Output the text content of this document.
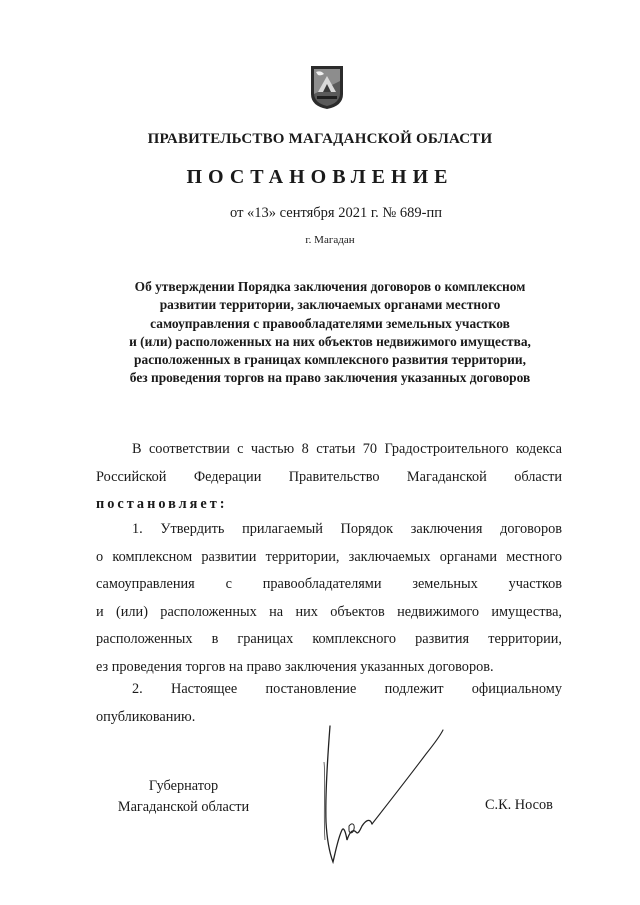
ПРАВИТЕЛЬСТВО МАГАДАНСКОЙ ОБЛАСТИ
ПОСТАНОВЛЕНИЕ
от «13» сентября 2021 г. № 689-пп
г. Магадан
Об утверждении Порядка заключения договоров о комплексном
развитии территории, заключаемых органами местного
самоуправления с правообладателями земельных участков
и (или) расположенных на них объектов недвижимого имущества,
расположенных в границах комплексного развития территории,
без проведения торгов на право заключения указанных договоров
В соответствии с частью 8 статьи 70 Градостроительного кодекса
Российской Федерации Правительство Магаданской области
постановляет:
1. Утвердить прилагаемый Порядок заключения договоров
о комплексном развитии территории, заключаемых органами местного
самоуправления с правообладателями земельных участков
и (или) расположенных на них объектов недвижимого имущества,
расположенных в границах комплексного развития территории,
ез проведения торгов на право заключения указанных договоров.
2. Настоящее постановление подлежит официальному
опубликованию.
Губернатор
Магаданской области	С.К. Носов
